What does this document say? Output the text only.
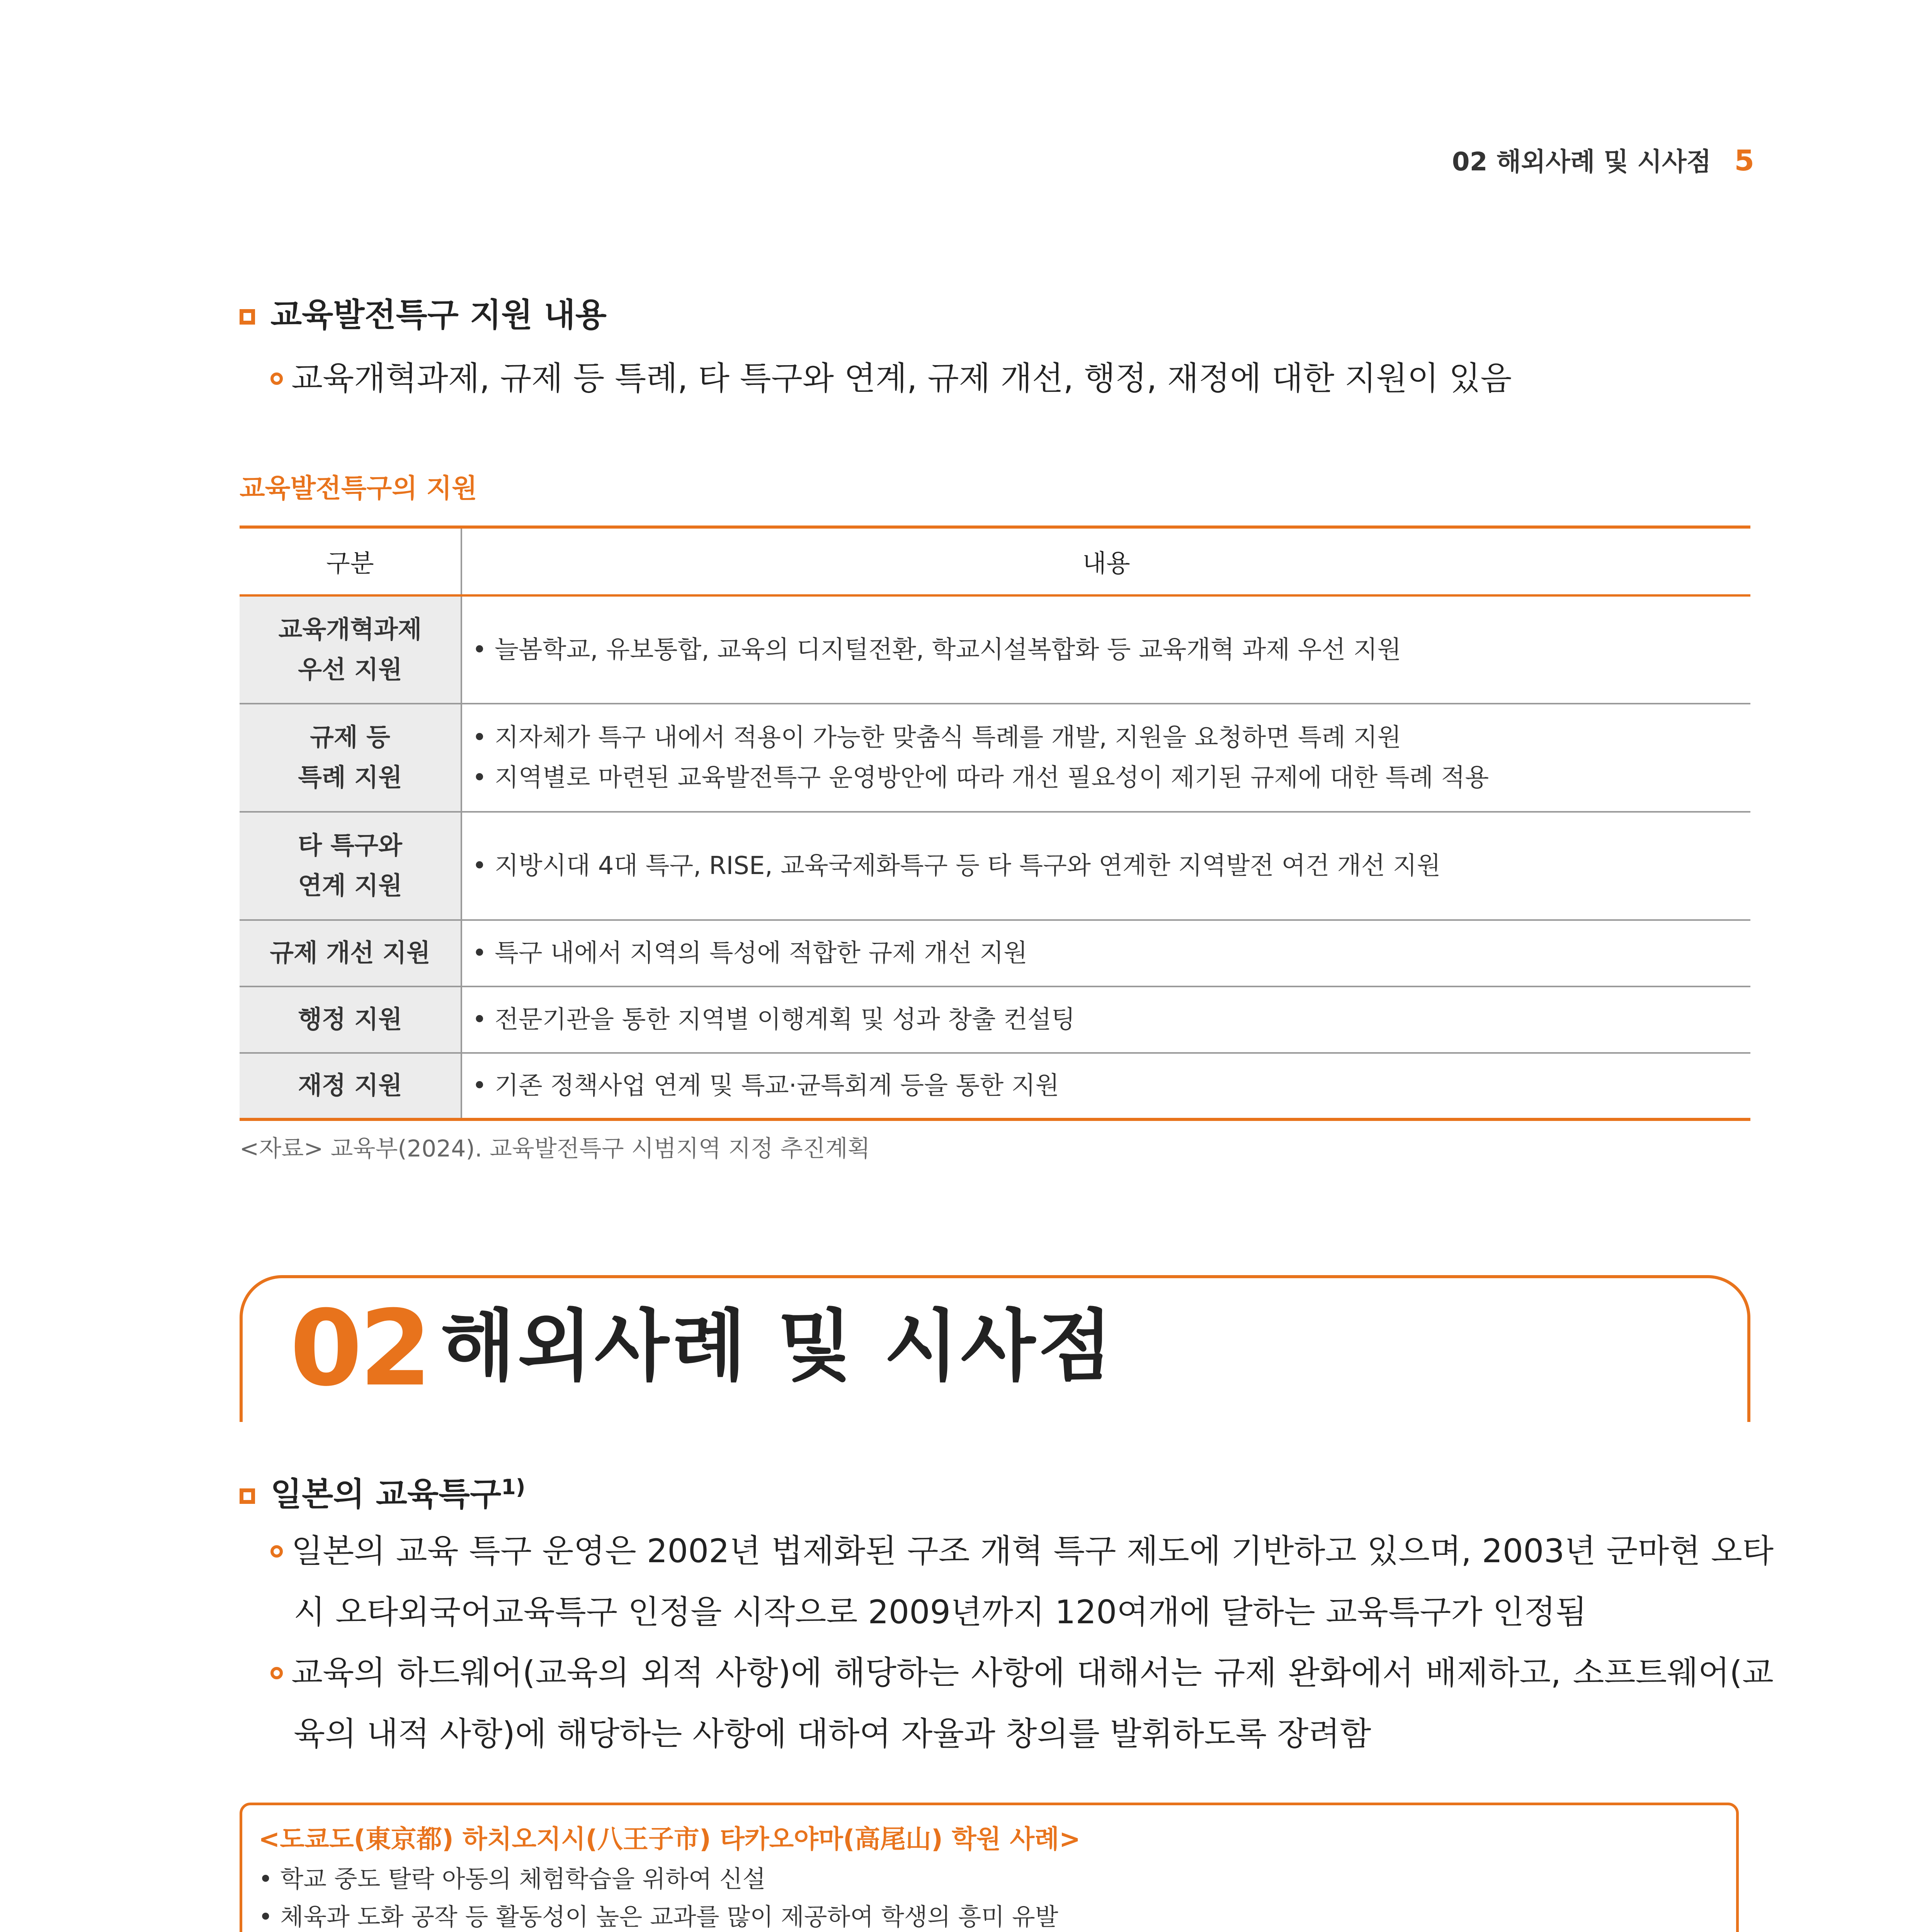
02 해외사례 및 시사점 5
교육발전특구 지원 내용
교육개혁과제, 규제 등 특례, 타 특구와 연계, 규제 개선, 행정, 재정에 대한 지원이 있음
교육발전특구의 지원
구분	내용
교육개혁과제
우선 지원	• 늘봄학교, 유보통합, 교육의 디지털전환, 학교시설복합화 등 교육개혁 과제 우선 지원
규제 등
특례 지원	• 지자체가 특구 내에서 적용이 가능한 맞춤식 특례를 개발, 지원을 요청하면 특례 지원
• 지역별로 마련된 교육발전특구 운영방안에 따라 개선 필요성이 제기된 규제에 대한 특례 적용
타 특구와
연계 지원	• 지방시대 4대 특구, RISE, 교육국제화특구 등 타 특구와 연계한 지역발전 여건 개선 지원
규제 개선 지원	• 특구 내에서 지역의 특성에 적합한 규제 개선 지원
행정 지원	• 전문기관을 통한 지역별 이행계획 및 성과 창출 컨설팅
재정 지원	• 기존 정책사업 연계 및 특교·균특회계 등을 통한 지원
<자료> 교육부(2024). 교육발전특구 시범지역 지정 추진계획
02 해외사례 및 시사점
일본의 교육특구$^{1)}$
일본의 교육 특구 운영은 2002년 법제화된 구조 개혁 특구 제도에 기반하고 있으며, 2003년 군마현 오타시 오타외국어교육특구 인정을 시작으로 2009년까지 120여개에 달하는 교육특구가 인정됨
교육의 하드웨어(교육의 외적 사항)에 해당하는 사항에 대해서는 규제 완화에서 배제하고, 소프트웨어(교육의 내적 사항)에 해당하는 사항에 대하여 자율과 창의를 발휘하도록 장려함
<도쿄도(東京都) 하치오지시(八王子市) 타카오야마(高尾山) 학원 사례>
• 학교 중도 탈락 아동의 체험학습을 위하여 신설
• 체육과 도화 공작 등 활동성이 높은 교과를 많이 제공하여 학생의 흥미 유발
